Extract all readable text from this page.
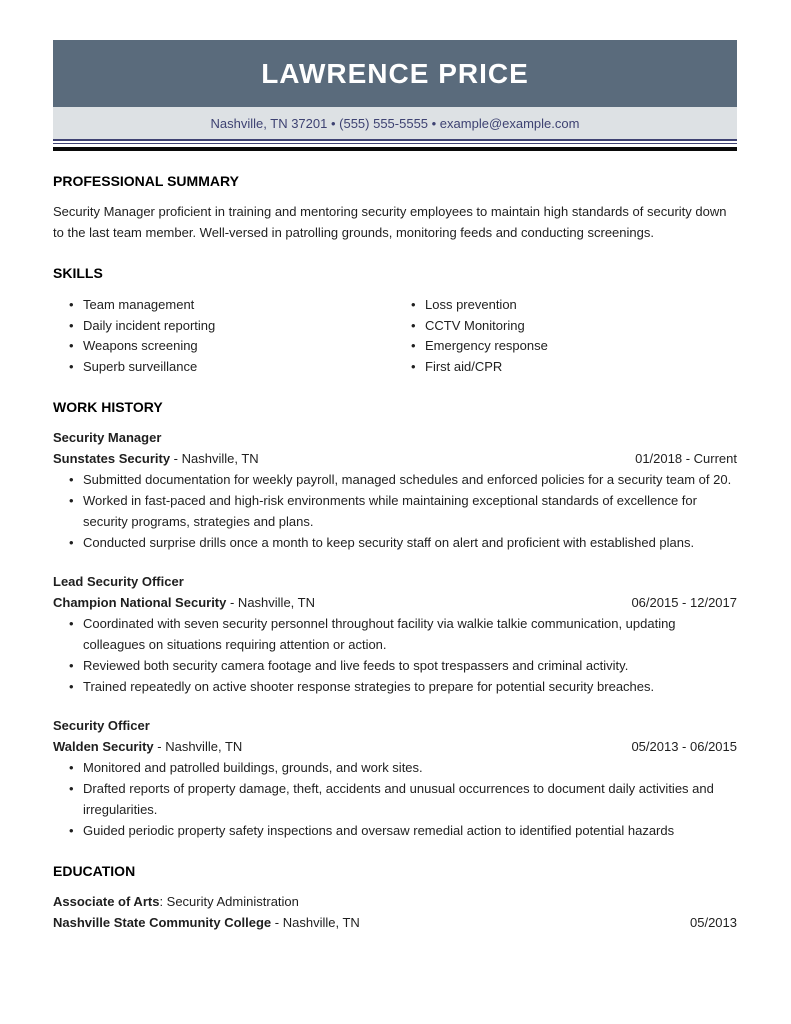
LAWRENCE PRICE
Nashville, TN 37201 • (555) 555-5555 • example@example.com
PROFESSIONAL SUMMARY

Security Manager proficient in training and mentoring security employees to maintain high standards of security down to the last team member. Well-versed in patrolling grounds, monitoring feeds and conducting screenings.

SKILLS
• Team management
• Daily incident reporting
• Weapons screening
• Superb surveillance
• Loss prevention
• CCTV Monitoring
• Emergency response
• First aid/CPR
WORK HISTORY
Security Manager
Sunstates Security - Nashville, TN	01/2018 - Current
• Submitted documentation for weekly payroll, managed schedules and enforced policies for a security team of 20.
• Worked in fast-paced and high-risk environments while maintaining exceptional standards of excellence for security programs, strategies and plans.
• Conducted surprise drills once a month to keep security staff on alert and proficient with established plans.
Lead Security Officer
Champion National Security - Nashville, TN	06/2015 - 12/2017
• Coordinated with seven security personnel throughout facility via walkie talkie communication, updating colleagues on situations requiring attention or action.
• Reviewed both security camera footage and live feeds to spot trespassers and criminal activity.
• Trained repeatedly on active shooter response strategies to prepare for potential security breaches.
Security Officer
Walden Security - Nashville, TN	05/2013 - 06/2015
• Monitored and patrolled buildings, grounds, and work sites.
• Drafted reports of property damage, theft, accidents and unusual occurrences to document daily activities and irregularities.
• Guided periodic property safety inspections and oversaw remedial action to identified potential hazards
EDUCATION
Associate of Arts: Security Administration
Nashville State Community College - Nashville, TN	05/2013
